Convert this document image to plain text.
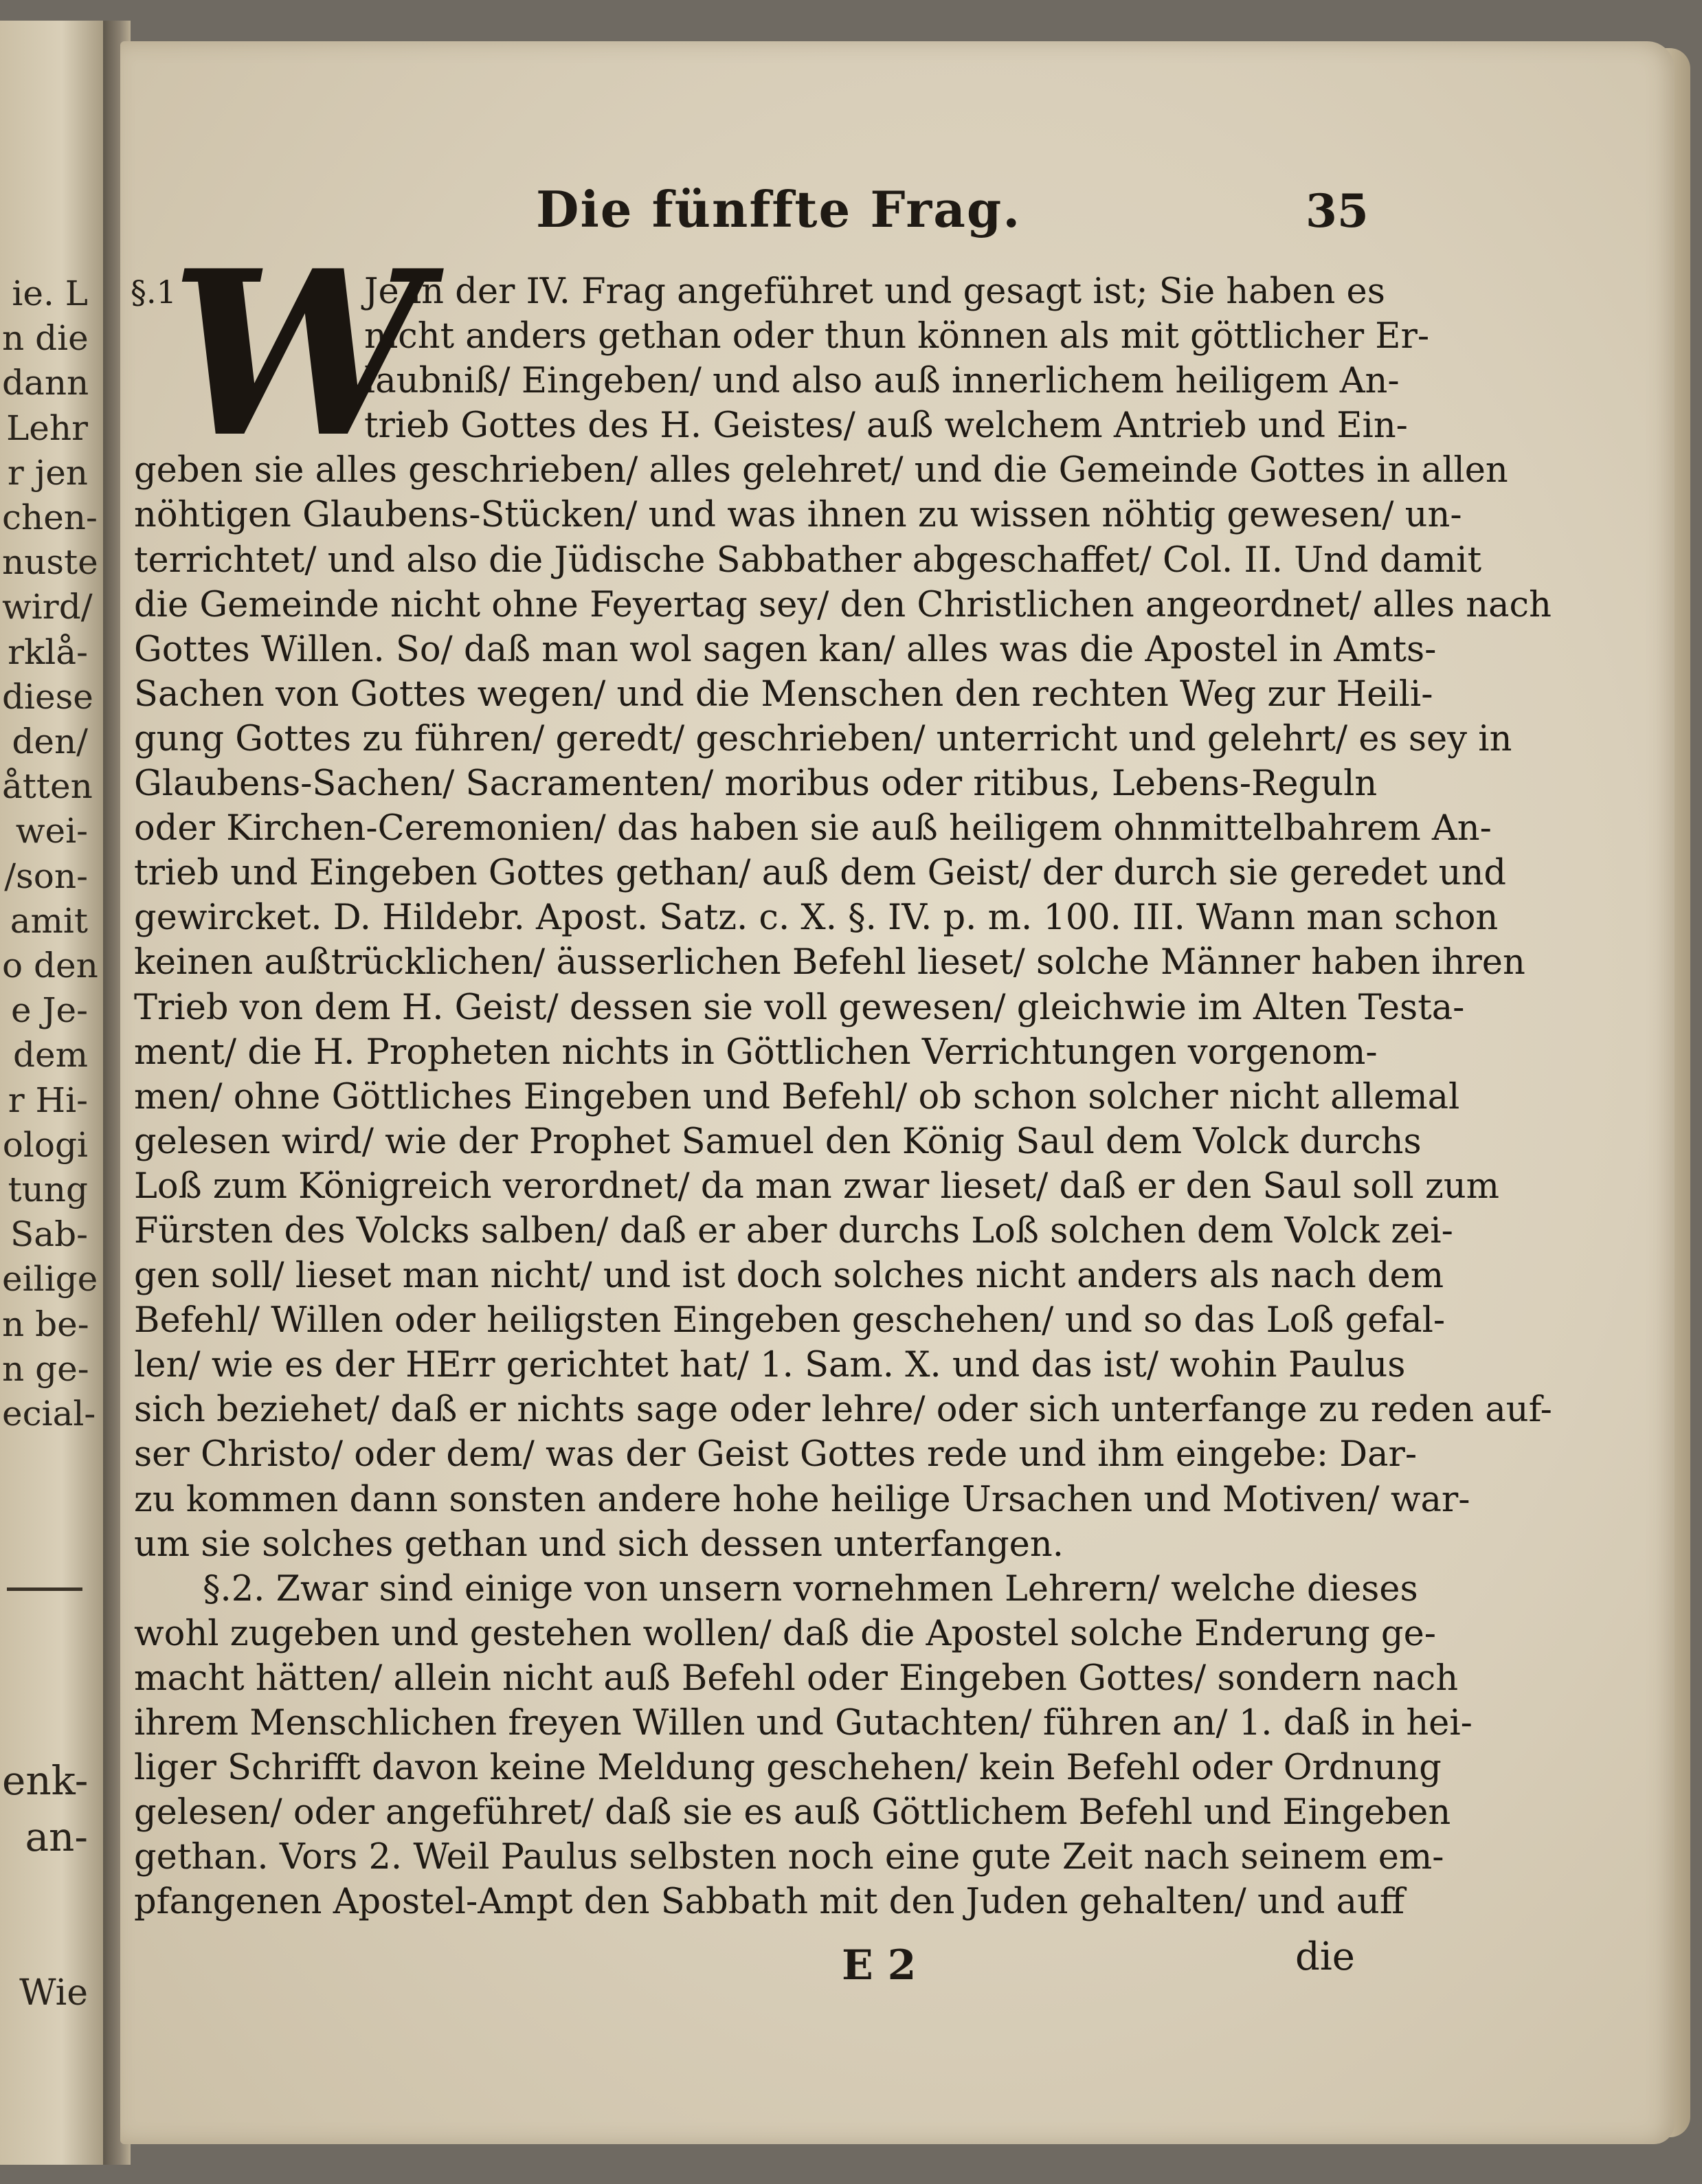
ie. L
n die
dann
Lehr
r jen
chen-
nuste
wird/
rklå-
diese
den/
åtten
wei-
/son-
amit
o den
e Je-
dem
r Hi-
ologi
tung
Sab-
eilige
n be-
n ge-
ecial-
enk-
an-
Wie
Die fünffte Frag.	35
Je in der IV. Frag angeführet und gesagt ist; Sie haben es
nicht anders gethan oder thun können als mit göttlicher Er-
laubniß/ Eingeben/ und also auß innerlichem heiligem An-
trieb Gottes des H. Geistes/ auß welchem Antrieb und Ein-
geben sie alles geschrieben/ alles gelehret/ und die Gemeinde Gottes in allen
nöhtigen Glaubens-Stücken/ und was ihnen zu wissen nöhtig gewesen/ un-
terrichtet/ und also die Jüdische Sabbather abgeschaffet/ Col. II. Und damit
die Gemeinde nicht ohne Feyertag sey/ den Christlichen angeordnet/ alles nach
Gottes Willen. So/ daß man wol sagen kan/ alles was die Apostel in Amts-
Sachen von Gottes wegen/ und die Menschen den rechten Weg zur Heili-
gung Gottes zu führen/ geredt/ geschrieben/ unterricht und gelehrt/ es sey in
Glaubens-Sachen/ Sacramenten/ moribus oder ritibus, Lebens-Reguln
oder Kirchen-Ceremonien/ das haben sie auß heiligem ohnmittelbahrem An-
trieb und Eingeben Gottes gethan/ auß dem Geist/ der durch sie geredet und
gewircket. D. Hildebr. Apost. Satz. c. X. §. IV. p. m. 100. III. Wann man schon
keinen außtrücklichen/ äusserlichen Befehl lieset/ solche Männer haben ihren
Trieb von dem H. Geist/ dessen sie voll gewesen/ gleichwie im Alten Testa-
ment/ die H. Propheten nichts in Göttlichen Verrichtungen vorgenom-
men/ ohne Göttliches Eingeben und Befehl/ ob schon solcher nicht allemal
gelesen wird/ wie der Prophet Samuel den König Saul dem Volck durchs
Loß zum Königreich verordnet/ da man zwar lieset/ daß er den Saul soll zum
Fürsten des Volcks salben/ daß er aber durchs Loß solchen dem Volck zei-
gen soll/ lieset man nicht/ und ist doch solches nicht anders als nach dem
Befehl/ Willen oder heiligsten Eingeben geschehen/ und so das Loß gefal-
len/ wie es der HErr gerichtet hat/ 1. Sam. X. und das ist/ wohin Paulus
sich beziehet/ daß er nichts sage oder lehre/ oder sich unterfange zu reden auf-
ser Christo/ oder dem/ was der Geist Gottes rede und ihm eingebe: Dar-
zu kommen dann sonsten andere hohe heilige Ursachen und Motiven/ war-
um sie solches gethan und sich dessen unterfangen.
§.2. Zwar sind einige von unsern vornehmen Lehrern/ welche dieses
wohl zugeben und gestehen wollen/ daß die Apostel solche Enderung ge-
macht hätten/ allein nicht auß Befehl oder Eingeben Gottes/ sondern nach
ihrem Menschlichen freyen Willen und Gutachten/ führen an/ 1. daß in hei-
liger Schrifft davon keine Meldung geschehen/ kein Befehl oder Ordnung
gelesen/ oder angeführet/ daß sie es auß Göttlichem Befehl und Eingeben
gethan. Vors 2. Weil Paulus selbsten noch eine gute Zeit nach seinem em-
pfangenen Apostel-Ampt den Sabbath mit den Juden gehalten/ und auff
§.1
W
E 2	die
